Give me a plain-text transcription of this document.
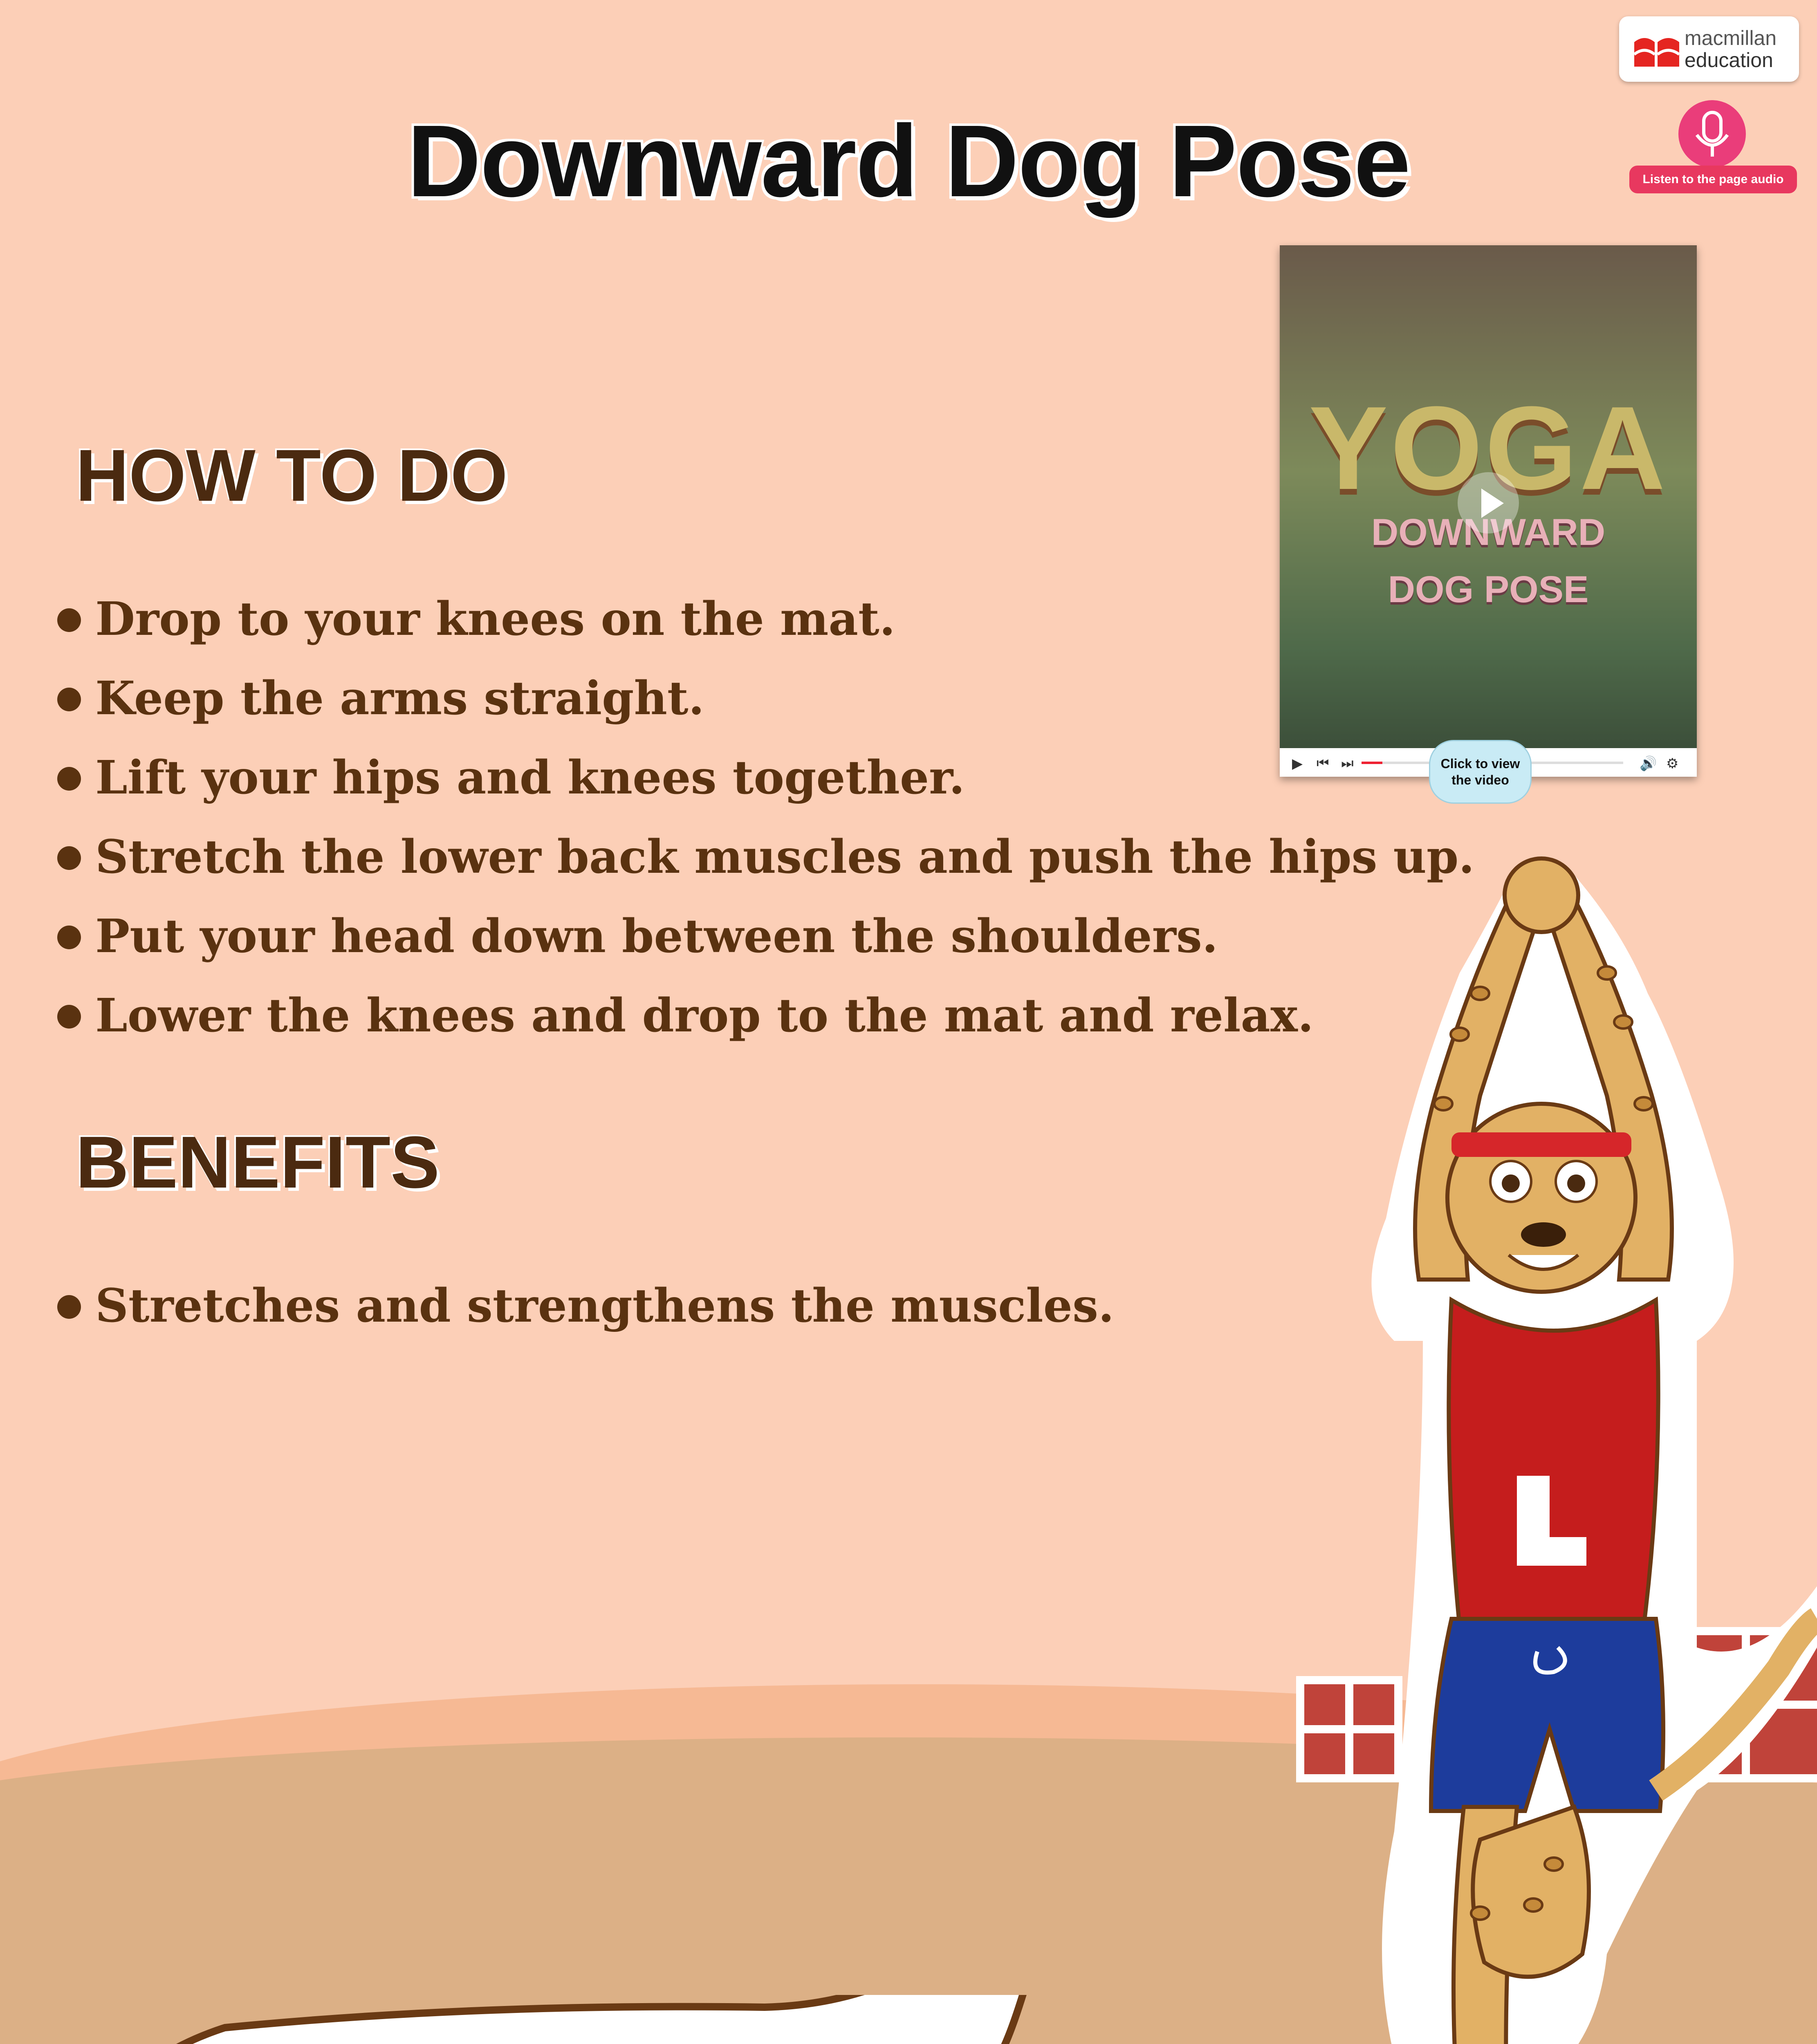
macmillan
education
Listen to the page audio
Downward Dog Pose
HOW TO DO
Drop to your knees on the mat.
Keep the arms straight.
Lift your hips and knees together.
Stretch the lower back muscles and push the hips up.
Put your head down between the shoulders.
Lower the knees and drop to the mat and relax.
BENEFITS
Stretches and strengthens the muscles.
YOGA
DOWNWARD
DOG POSE
▶ ⏮ ⏭	🔊 ⚙
Click to view the video
